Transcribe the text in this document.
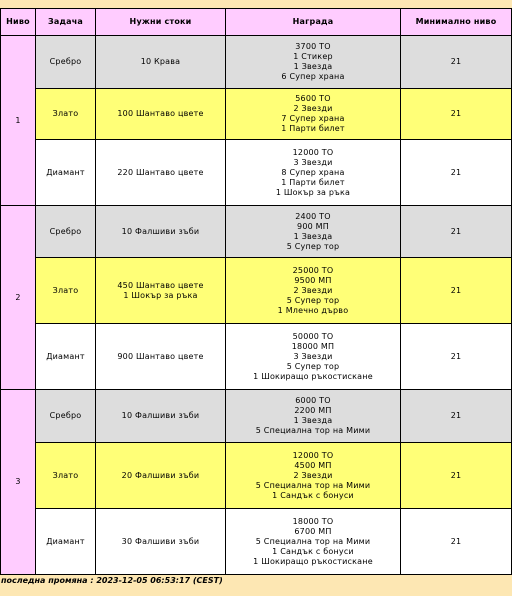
Ниво	Задача	Нужни стоки	Награда	Минимално ниво
1	Сребро	10 Крава	3700 ТО
1 Стикер
1 Звезда
6 Супер храна	21
	Злато	100 Шантаво цвете	5600 ТО
2 Звезди
7 Супер храна
1 Парти билет	21
	Диамант	220 Шантаво цвете	12000 ТО
3 Звезди
8 Супер храна
1 Парти билет
1 Шокър за ръка	21
2	Сребро	10 Фалшиви зъби	2400 ТО
900 МП
1 Звезда
5 Супер тор	21
	Злато	450 Шантаво цвете
1 Шокър за ръка	25000 ТО
9500 МП
2 Звезди
5 Супер тор
1 Млечно дърво	21
	Диамант	900 Шантаво цвете	50000 ТО
18000 МП
3 Звезди
5 Супер тор
1 Шокиращо ръкостискане	21
3	Сребро	10 Фалшиви зъби	6000 ТО
2200 МП
1 Звезда
5 Специална тор на Мими	21
	Злато	20 Фалшиви зъби	12000 ТО
4500 МП
2 Звезди
5 Специална тор на Мими
1 Сандък с бонуси	21
	Диамант	30 Фалшиви зъби	18000 ТО
6700 МП
5 Специална тор на Мими
1 Сандък с бонуси
1 Шокиращо ръкостискане	21
последна промяна : 2023-12-05 06:53:17 (CEST)
